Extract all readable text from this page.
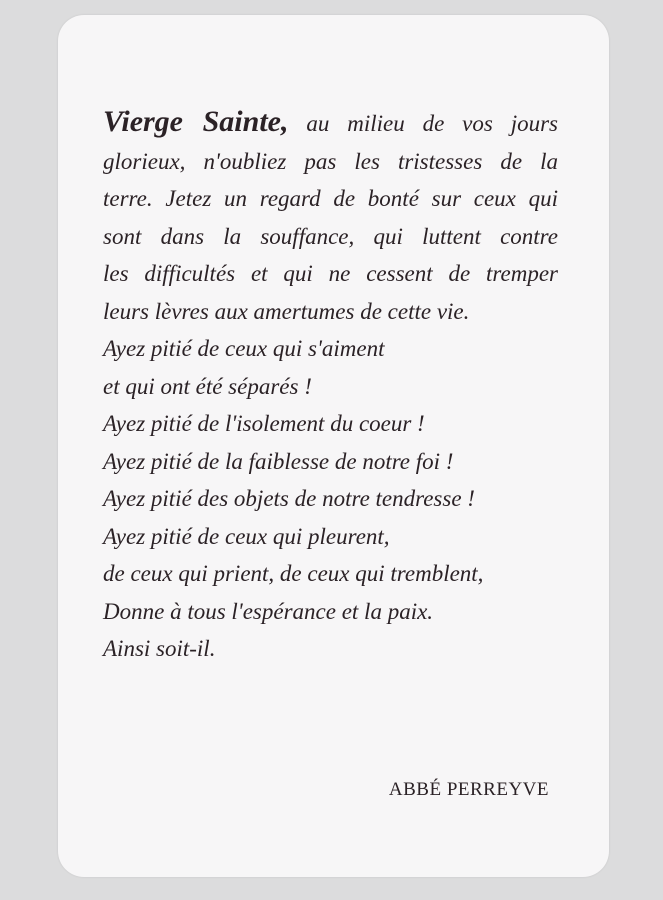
Vierge Sainte, au milieu de vos jours
glorieux, n'oubliez pas les tristesses de la
terre. Jetez un regard de bonté sur ceux qui
sont dans la souffance, qui luttent contre
les difficultés et qui ne cessent de tremper
leurs lèvres aux amertumes de cette vie.
Ayez pitié de ceux qui s'aiment
et qui ont été séparés !
Ayez pitié de l'isolement du coeur !
Ayez pitié de la faiblesse de notre foi !
Ayez pitié des objets de notre tendresse !
Ayez pitié de ceux qui pleurent,
de ceux qui prient, de ceux qui tremblent,
Donne à tous l'espérance et la paix.
Ainsi soit-il.
ABBÉ PERREYVE
